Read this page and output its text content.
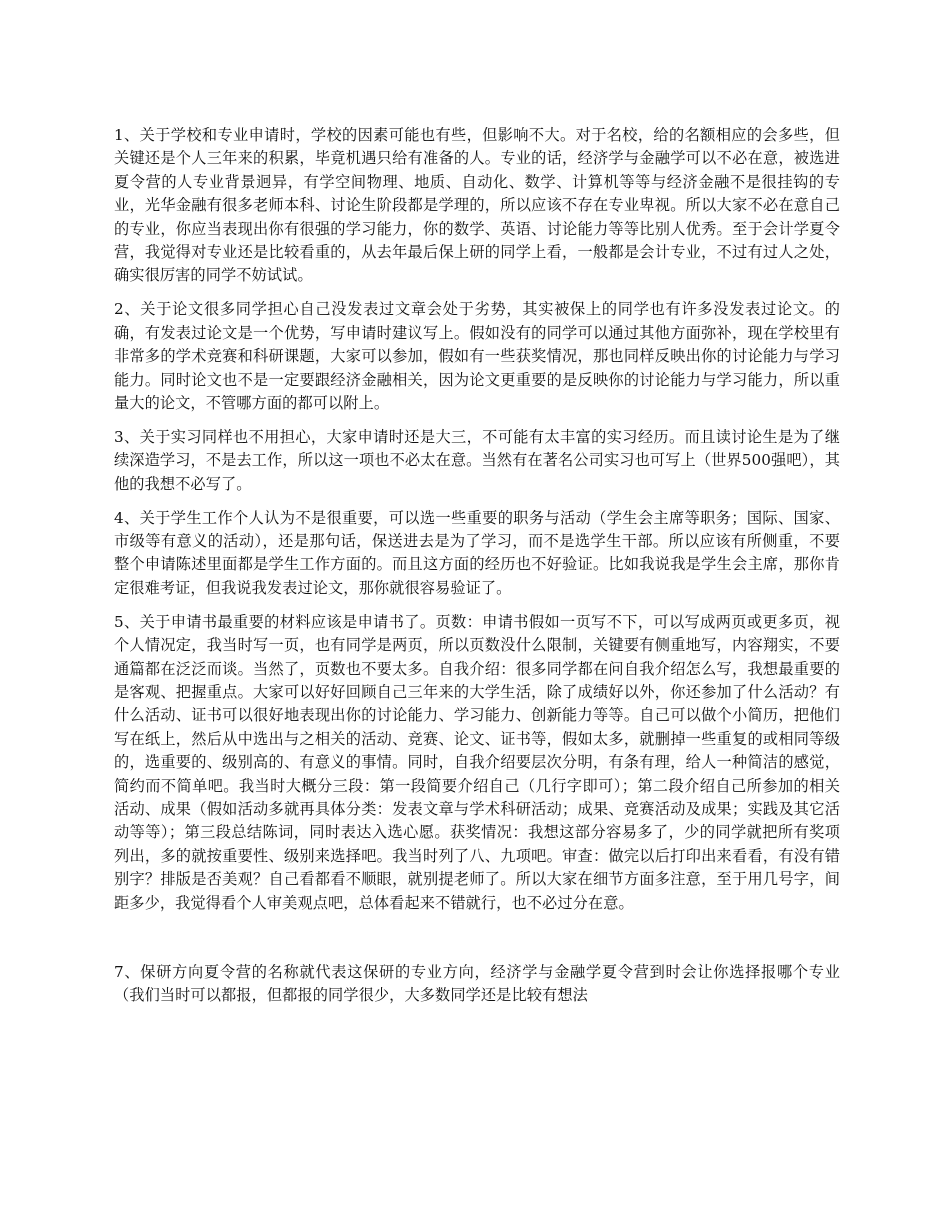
1、关于学校和专业申请时，学校的因素可能也有些，但影响不大。对于名校，给的名额相应的会多些，但关键还是个人三年来的积累，毕竟机遇只给有准备的人。专业的话，经济学与金融学可以不必在意，被选进夏令营的人专业背景迥异，有学空间物理、地质、自动化、数学、计算机等等与经济金融不是很挂钩的专业，光华金融有很多老师本科、讨论生阶段都是学理的，所以应该不存在专业卑视。所以大家不必在意自己的专业，你应当表现出你有很强的学习能力，你的数学、英语、讨论能力等等比别人优秀。至于会计学夏令营，我觉得对专业还是比较看重的，从去年最后保上研的同学上看，一般都是会计专业，不过有过人之处，确实很厉害的同学不妨试试。

2、关于论文很多同学担心自己没发表过文章会处于劣势，其实被保上的同学也有许多没发表过论文。的确，有发表过论文是一个优势，写申请时建议写上。假如没有的同学可以通过其他方面弥补，现在学校里有非常多的学术竞赛和科研课题，大家可以参加，假如有一些获奖情况，那也同样反映出你的讨论能力与学习能力。同时论文也不是一定要跟经济金融相关，因为论文更重要的是反映你的讨论能力与学习能力，所以重量大的论文，不管哪方面的都可以附上。

3、关于实习同样也不用担心，大家申请时还是大三，不可能有太丰富的实习经历。而且读讨论生是为了继续深造学习，不是去工作，所以这一项也不必太在意。当然有在著名公司实习也可写上（世界500强吧），其他的我想不必写了。

4、关于学生工作个人认为不是很重要，可以选一些重要的职务与活动（学生会主席等职务；国际、国家、市级等有意义的活动），还是那句话，保送进去是为了学习，而不是选学生干部。所以应该有所侧重，不要整个申请陈述里面都是学生工作方面的。而且这方面的经历也不好验证。比如我说我是学生会主席，那你肯定很难考证，但我说我发表过论文，那你就很容易验证了。

5、关于申请书最重要的材料应该是申请书了。页数：申请书假如一页写不下，可以写成两页或更多页，视个人情况定，我当时写一页，也有同学是两页，所以页数没什么限制，关键要有侧重地写，内容翔实，不要通篇都在泛泛而谈。当然了，页数也不要太多。自我介绍：很多同学都在问自我介绍怎么写，我想最重要的是客观、把握重点。大家可以好好回顾自己三年来的大学生活，除了成绩好以外，你还参加了什么活动？有什么活动、证书可以很好地表现出你的讨论能力、学习能力、创新能力等等。自己可以做个小简历，把他们写在纸上，然后从中选出与之相关的活动、竞赛、论文、证书等，假如太多，就删掉一些重复的或相同等级的，选重要的、级别高的、有意义的事情。同时，自我介绍要层次分明，有条有理，给人一种简洁的感觉，简约而不简单吧。我当时大概分三段：第一段简要介绍自己（几行字即可）；第二段介绍自己所参加的相关活动、成果（假如活动多就再具体分类：发表文章与学术科研活动；成果、竞赛活动及成果；实践及其它活动等等）；第三段总结陈词，同时表达入选心愿。获奖情况：我想这部分容易多了，少的同学就把所有奖项列出，多的就按重要性、级别来选择吧。我当时列了八、九项吧。审查：做完以后打印出来看看，有没有错别字？排版是否美观？自己看都看不顺眼，就别提老师了。所以大家在细节方面多注意，至于用几号字，间距多少，我觉得看个人审美观点吧，总体看起来不错就行，也不必过分在意。

7、保研方向夏令营的名称就代表这保研的专业方向，经济学与金融学夏令营到时会让你选择报哪个专业（我们当时可以都报，但都报的同学很少，大多数同学还是比较有想法
